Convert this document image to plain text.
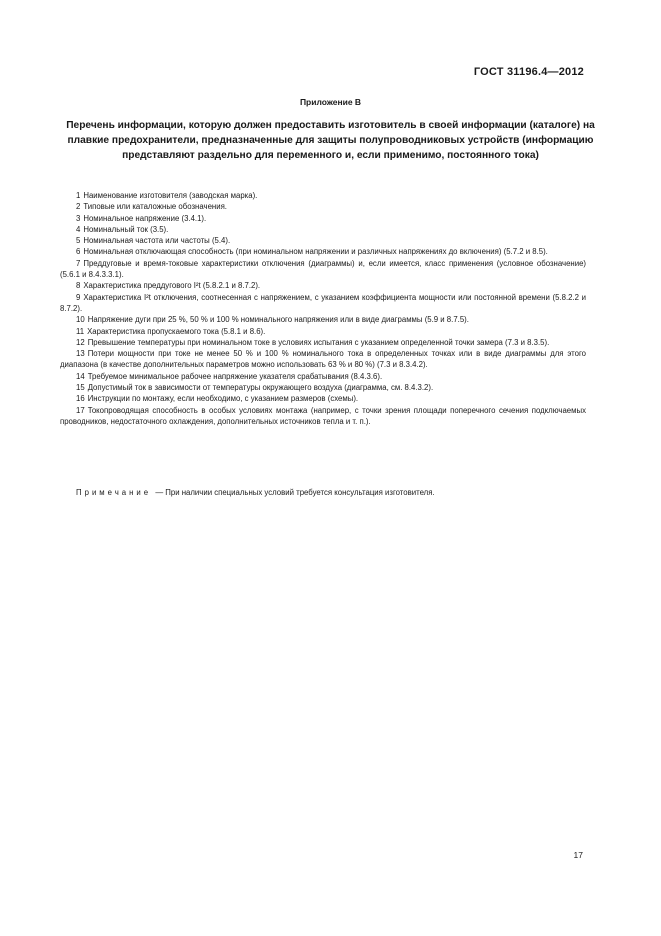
ГОСТ 31196.4—2012
Приложение В
Перечень информации, которую должен предоставить изготовитель в своей информации (каталоге) на плавкие предохранители, предназначенные для защиты полупроводниковых устройств (информацию представляют раздельно для переменного и, если применимо, постоянного тока)
1 Наименование изготовителя (заводская марка).
2 Типовые или каталожные обозначения.
3 Номинальное напряжение (3.4.1).
4 Номинальный ток (3.5).
5 Номинальная частота или частоты (5.4).
6 Номинальная отключающая способность (при номинальном напряжении и различных напряжениях до включения) (5.7.2 и 8.5).
7 Преддуговые и время-токовые характеристики отключения (диаграммы) и, если имеется, класс применения (условное обозначение) (5.6.1 и 8.4.3.3.1).
8 Характеристика преддугового I²t (5.8.2.1 и 8.7.2).
9 Характеристика I²t отключения, соотнесенная с напряжением, с указанием коэффициента мощности или постоянной времени (5.8.2.2 и 8.7.2).
10 Напряжение дуги при 25 %, 50 % и 100 % номинального напряжения или в виде диаграммы (5.9 и 8.7.5).
11 Характеристика пропускаемого тока (5.8.1 и 8.6).
12 Превышение температуры при номинальном токе в условиях испытания с указанием определенной точки замера (7.3 и 8.3.5).
13 Потери мощности при токе не менее 50 % и 100 % номинального тока в определенных точках или в виде диаграммы для этого диапазона (в качестве дополнительных параметров можно использовать 63 % и 80 %) (7.3 и 8.3.4.2).
14 Требуемое минимальное рабочее напряжение указателя срабатывания (8.4.3.6).
15 Допустимый ток в зависимости от температуры окружающего воздуха (диаграмма, см. 8.4.3.2).
16 Инструкции по монтажу, если необходимо, с указанием размеров (схемы).
17 Токопроводящая способность в особых условиях монтажа (например, с точки зрения площади поперечного сечения подключаемых проводников, недостаточного охлаждения, дополнительных источников тепла и т. п.).

Примечание — При наличии специальных условий требуется консультация изготовителя.

17
